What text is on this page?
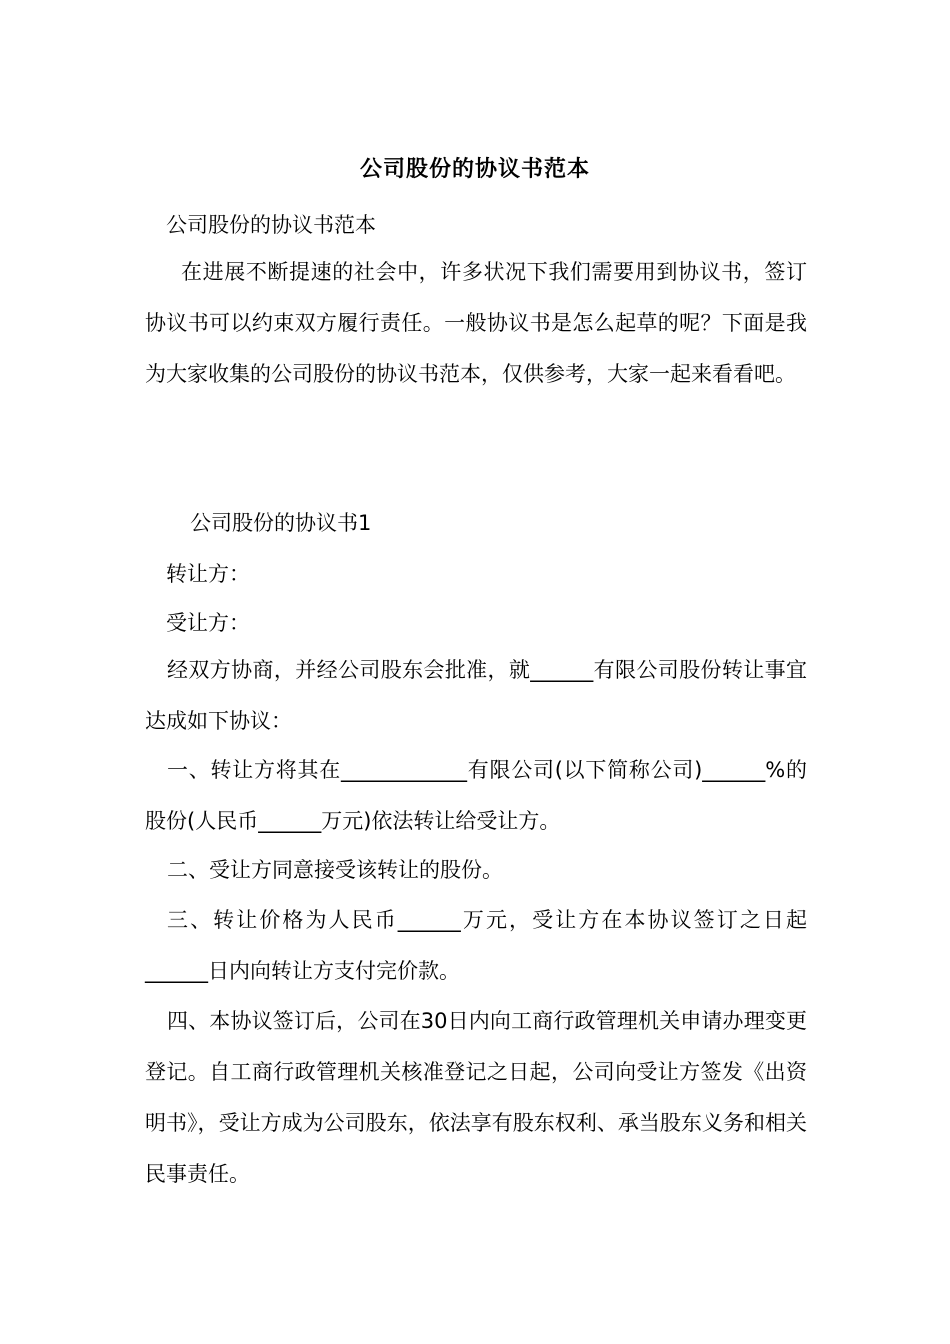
公司股份的协议书范本
公司股份的协议书范本
在进展不断提速的社会中，许多状况下我们需要用到协议书，签订协议书可以约束双方履行责任。一般协议书是怎么起草的呢？下面是我为大家收集的公司股份的协议书范本，仅供参考，大家一起来看看吧。
公司股份的协议书1
转让方：
受让方：
经双方协商，并经公司股东会批准，就______有限公司股份转让事宜达成如下协议：
一、转让方将其在____________有限公司(以下简称公司)______%的股份(人民币______万元)依法转让给受让方。
二、受让方同意接受该转让的股份。
三、转让价格为人民币______万元，受让方在本协议签订之日起______日内向转让方支付完价款。
四、本协议签订后，公司在30日内向工商行政管理机关申请办理变更登记。自工商行政管理机关核准登记之日起，公司向受让方签发《出资明书》，受让方成为公司股东，依法享有股东权利、承当股东义务和相关民事责任。
